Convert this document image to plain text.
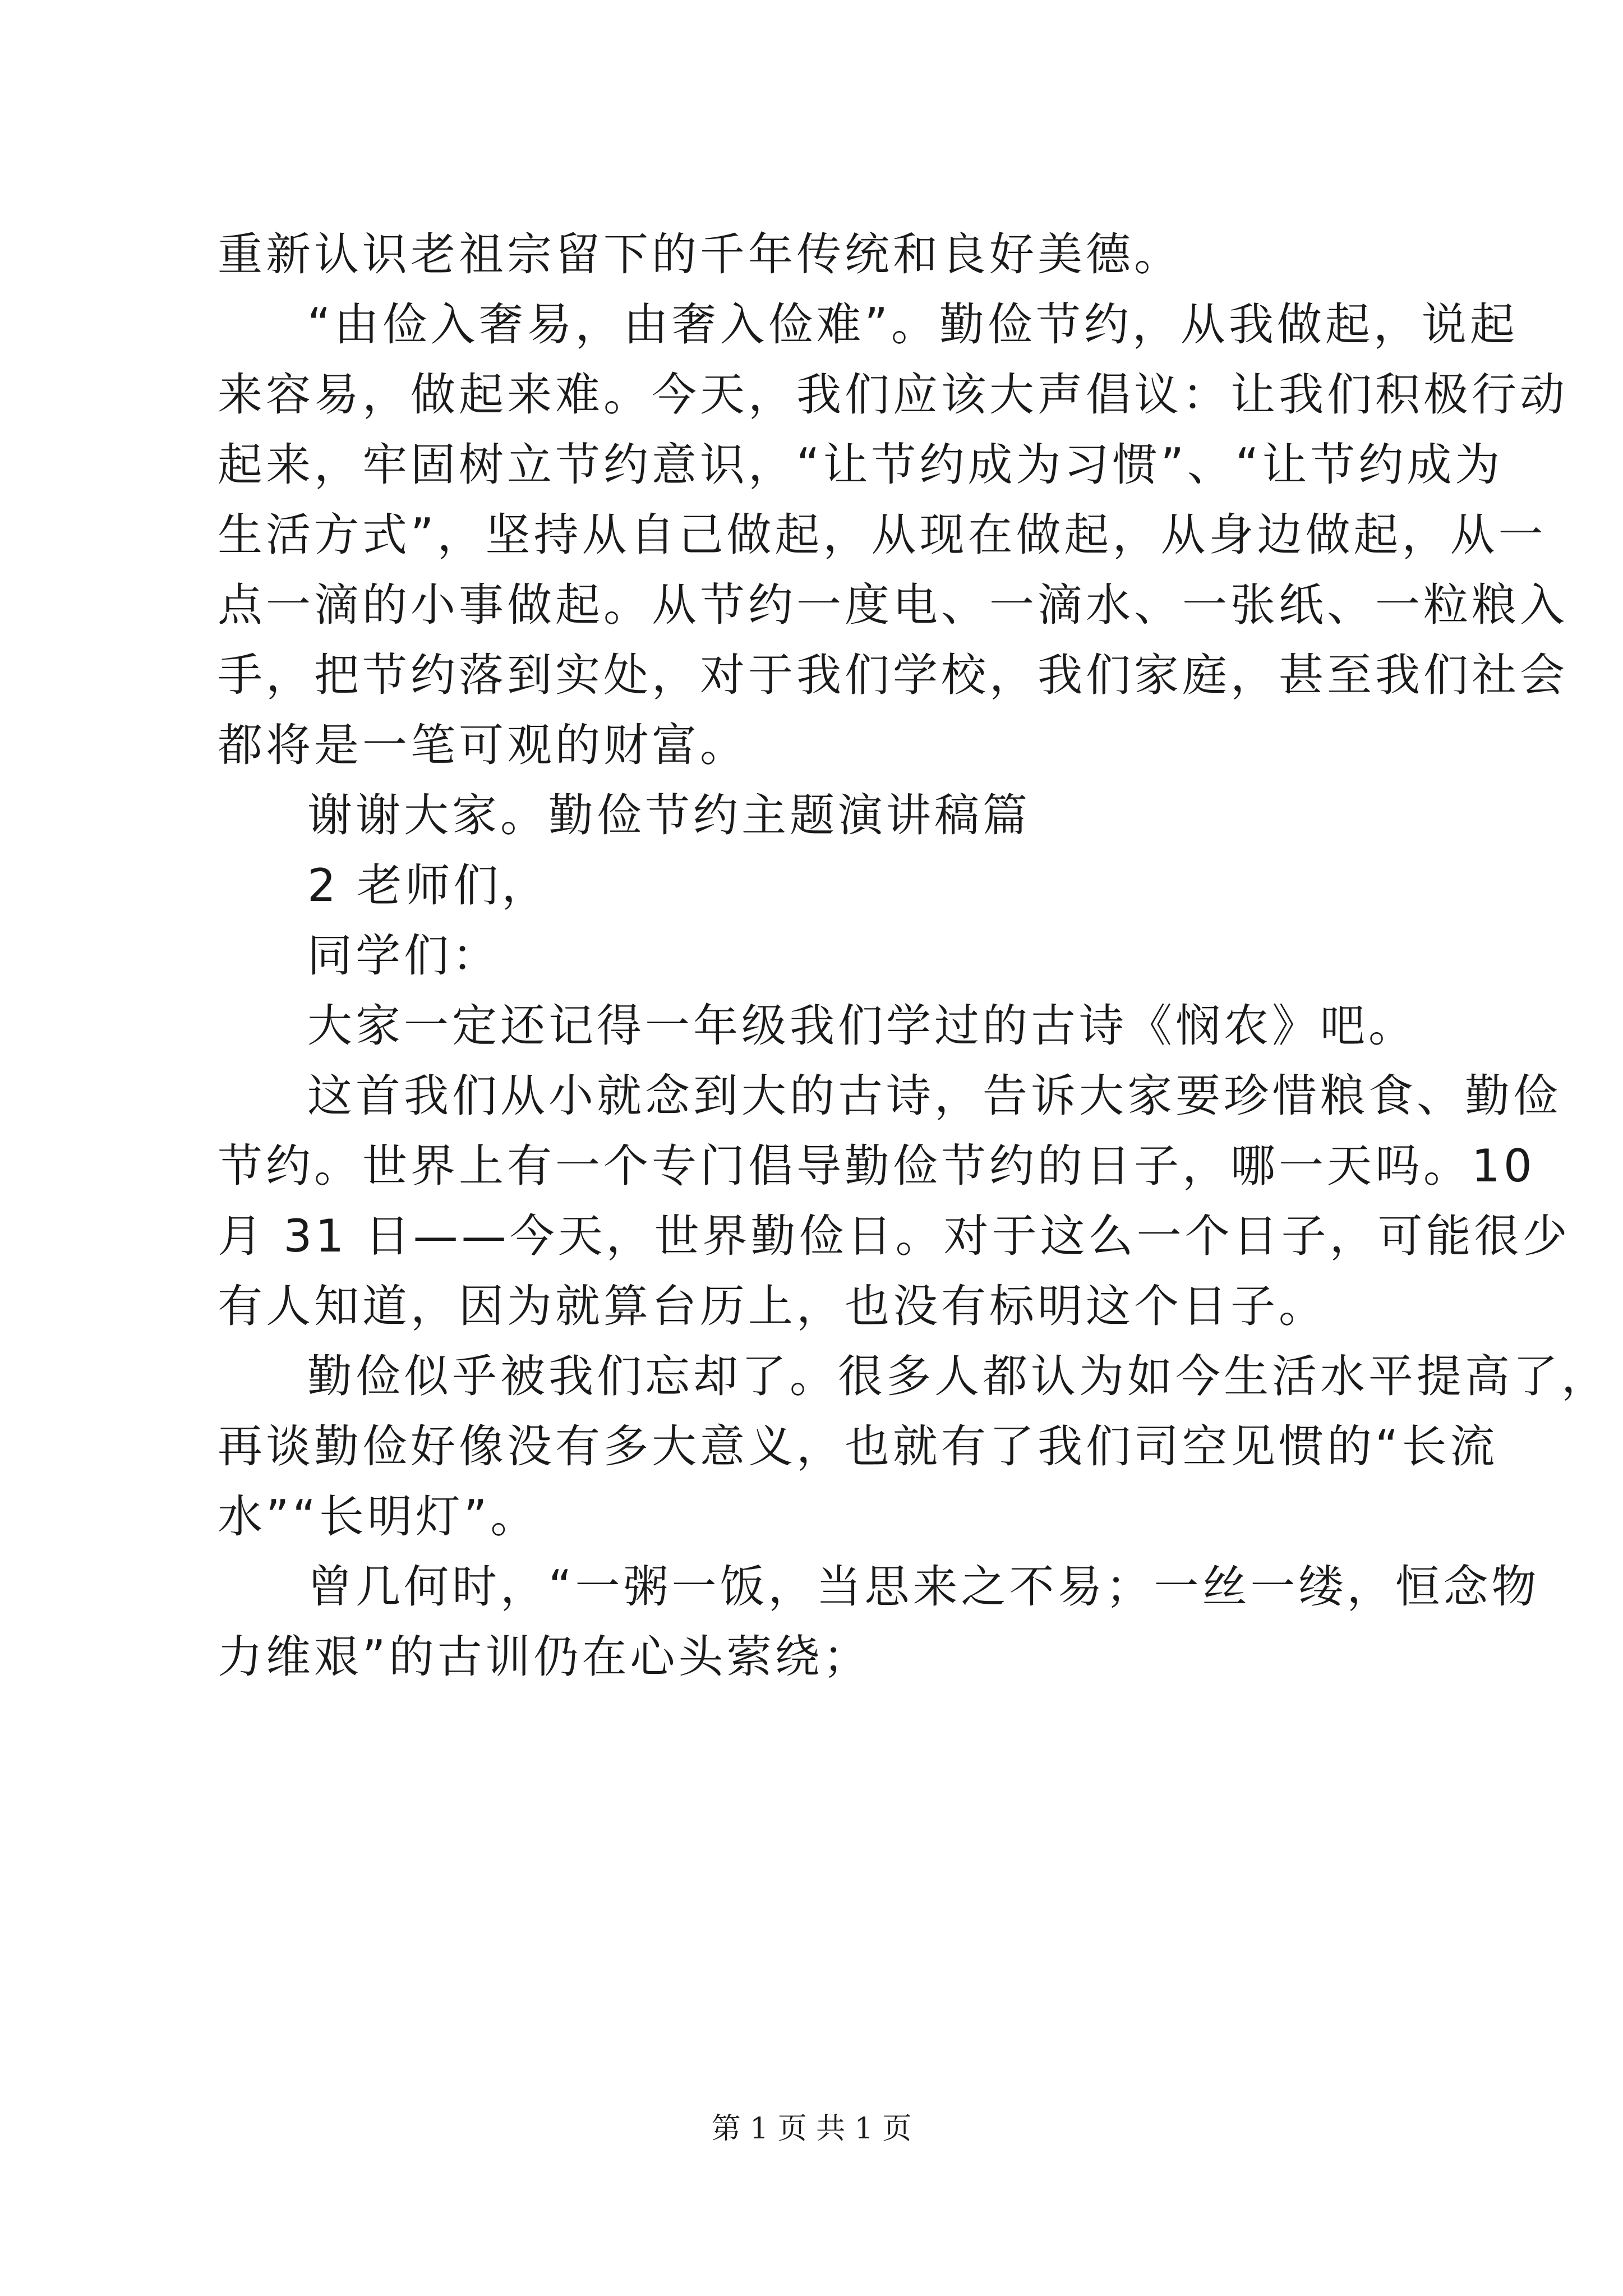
重新认识老祖宗留下的千年传统和良好美德。
“由俭入奢易，由奢入俭难”。勤俭节约，从我做起，说起
来容易，做起来难。今天，我们应该大声倡议：让我们积极行动
起来，牢固树立节约意识，“让节约成为习惯”、“让节约成为
生活方式”，坚持从自己做起，从现在做起，从身边做起，从一
点一滴的小事做起。从节约一度电、一滴水、一张纸、一粒粮入
手，把节约落到实处，对于我们学校，我们家庭，甚至我们社会
都将是一笔可观的财富。
谢谢大家。勤俭节约主题演讲稿篇
2 老师们，
同学们：
大家一定还记得一年级我们学过的古诗《悯农》吧。
这首我们从小就念到大的古诗，告诉大家要珍惜粮食、勤俭
节约。世界上有一个专门倡导勤俭节约的日子，哪一天吗。10
月 31 日——今天，世界勤俭日。对于这么一个日子，可能很少
有人知道，因为就算台历上，也没有标明这个日子。
勤俭似乎被我们忘却了。很多人都认为如今生活水平提高了，
再谈勤俭好像没有多大意义，也就有了我们司空见惯的“长流
水”“长明灯”。
曾几何时，“一粥一饭，当思来之不易；一丝一缕，恒念物
力维艰”的古训仍在心头萦绕；
第 1 页 共 1 页
